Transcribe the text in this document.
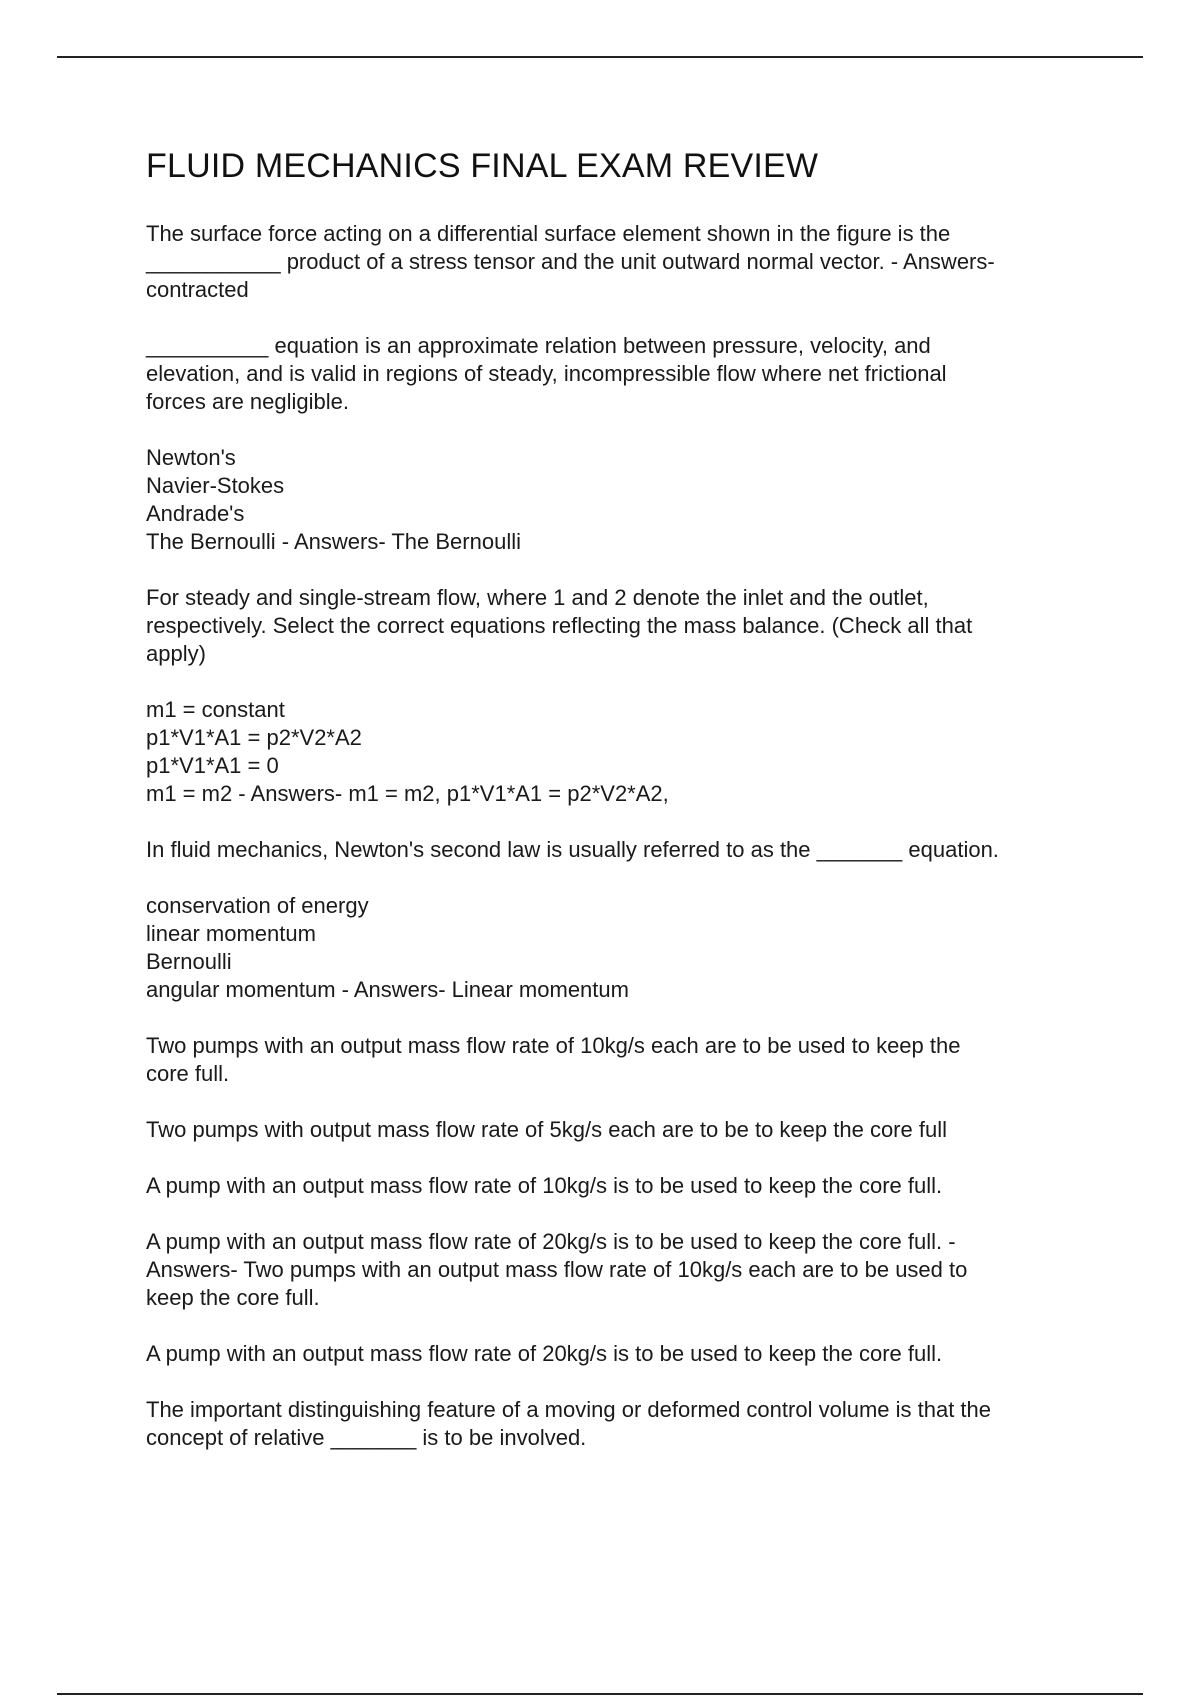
FLUID MECHANICS FINAL EXAM REVIEW

The surface force acting on a differential surface element shown in the figure is the
___________ product of a stress tensor and the unit outward normal vector. - Answers-
contracted

__________ equation is an approximate relation between pressure, velocity, and
elevation, and is valid in regions of steady, incompressible flow where net frictional
forces are negligible.

Newton's
Navier-Stokes
Andrade's
The Bernoulli - Answers- The Bernoulli

For steady and single-stream flow, where 1 and 2 denote the inlet and the outlet,
respectively. Select the correct equations reflecting the mass balance. (Check all that
apply)

m1 = constant
p1*V1*A1 = p2*V2*A2
p1*V1*A1 = 0
m1 = m2 - Answers- m1 = m2, p1*V1*A1 = p2*V2*A2,

In fluid mechanics, Newton's second law is usually referred to as the _______ equation.

conservation of energy
linear momentum
Bernoulli
angular momentum - Answers- Linear momentum

Two pumps with an output mass flow rate of 10kg/s each are to be used to keep the
core full.

Two pumps with output mass flow rate of 5kg/s each are to be to keep the core full

A pump with an output mass flow rate of 10kg/s is to be used to keep the core full.

A pump with an output mass flow rate of 20kg/s is to be used to keep the core full. -
Answers- Two pumps with an output mass flow rate of 10kg/s each are to be used to
keep the core full.

A pump with an output mass flow rate of 20kg/s is to be used to keep the core full.

The important distinguishing feature of a moving or deformed control volume is that the
concept of relative _______ is to be involved.
